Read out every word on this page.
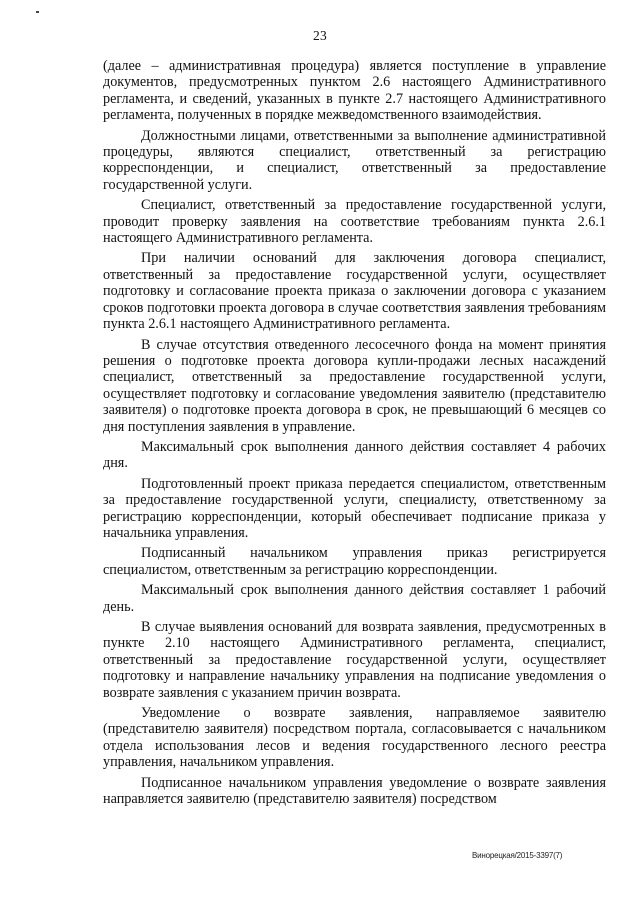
23

(далее – административная процедура) является поступление в управление документов, предусмотренных пунктом 2.6 настоящего Административного регламента, и сведений, указанных в пункте 2.7 настоящего Административного регламента, полученных в порядке межведомственного взаимодействия.

Должностными лицами, ответственными за выполнение административной процедуры, являются специалист, ответственный за регистрацию корреспонденции, и специалист, ответственный за предоставление государственной услуги.

Специалист, ответственный за предоставление государственной услуги, проводит проверку заявления на соответствие требованиям пункта 2.6.1 настоящего Административного регламента.

При наличии оснований для заключения договора специалист, ответственный за предоставление государственной услуги, осуществляет подготовку и согласование проекта приказа о заключении договора с указанием сроков подготовки проекта договора в случае соответствия заявления требованиям пункта 2.6.1 настоящего Административного регламента.

В случае отсутствия отведенного лесосечного фонда на момент принятия решения о подготовке проекта договора купли-продажи лесных насаждений специалист, ответственный за предоставление государственной услуги, осуществляет подготовку и согласование уведомления заявителю (представителю заявителя) о подготовке проекта договора в срок, не превышающий 6 месяцев со дня поступления заявления в управление.

Максимальный срок выполнения данного действия составляет 4 рабочих дня.

Подготовленный проект приказа передается специалистом, ответственным за предоставление государственной услуги, специалисту, ответственному за регистрацию корреспонденции, который обеспечивает подписание приказа у начальника управления.

Подписанный начальником управления приказ регистрируется специалистом, ответственным за регистрацию корреспонденции.

Максимальный срок выполнения данного действия составляет 1 рабочий день.

В случае выявления оснований для возврата заявления, предусмотренных в пункте 2.10 настоящего Административного регламента, специалист, ответственный за предоставление государственной услуги, осуществляет подготовку и направление начальнику управления на подписание уведомления о возврате заявления с указанием причин возврата.

Уведомление о возврате заявления, направляемое заявителю (представителю заявителя) посредством портала, согласовывается с начальником отдела использования лесов и ведения государственного лесного реестра управления, начальником управления.

Подписанное начальником управления уведомление о возврате заявления направляется заявителю (представителю заявителя) посредством

Винорецкая/2015-3397(7)
